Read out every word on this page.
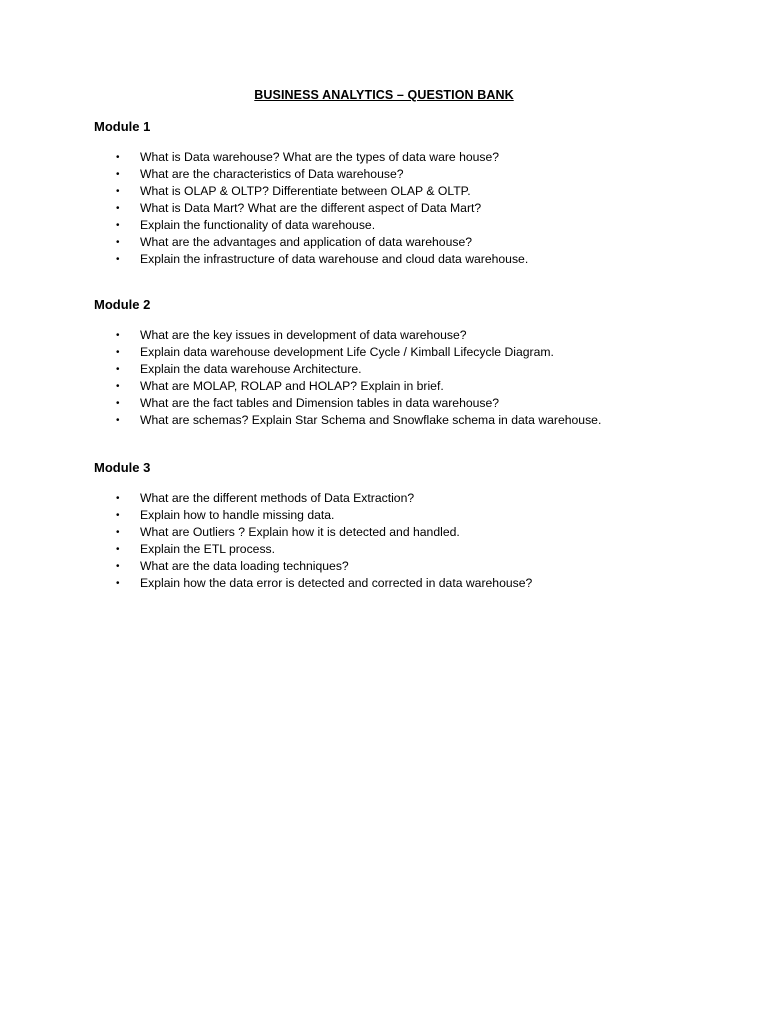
BUSINESS ANALYTICS – QUESTION BANK
Module 1
• What is Data warehouse? What are the types of data ware house?
• What are the characteristics of Data warehouse?
• What is OLAP & OLTP? Differentiate between OLAP & OLTP.
• What is Data Mart? What are the different aspect of Data Mart?
• Explain the functionality of data warehouse.
• What are the advantages and application of data warehouse?
• Explain the infrastructure of data warehouse and cloud data warehouse.
Module 2
• What are the key issues in development of data warehouse?
• Explain data warehouse development Life Cycle / Kimball Lifecycle Diagram.
• Explain the data warehouse Architecture.
• What are MOLAP, ROLAP and HOLAP? Explain in brief.
• What are the fact tables and Dimension tables in data warehouse?
• What are schemas? Explain Star Schema and Snowflake schema in data warehouse.
Module 3
• What are the different methods of Data Extraction?
• Explain how to handle missing data.
• What are Outliers ? Explain how it is detected and handled.
• Explain the ETL process.
• What are the data loading techniques?
• Explain how the data error is detected and corrected in data warehouse?
